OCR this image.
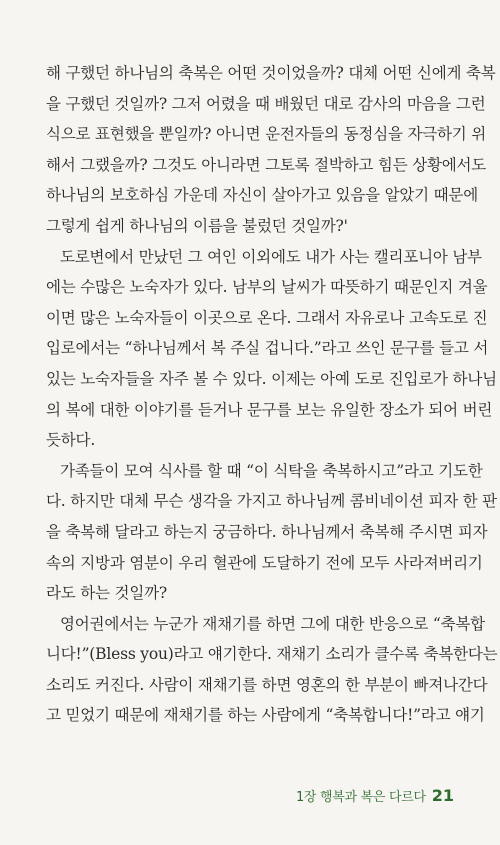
해 구했던 하나님의 축복은 어떤 것이었을까? 대체 어떤 신에게 축복
을 구했던 것일까? 그저 어렸을 때 배웠던 대로 감사의 마음을 그런
식으로 표현했을 뿐일까? 아니면 운전자들의 동정심을 자극하기 위
해서 그랬을까? 그것도 아니라면 그토록 절박하고 힘든 상황에서도
하나님의 보호하심 가운데 자신이 살아가고 있음을 알았기 때문에
그렇게 쉽게 하나님의 이름을 불렀던 것일까?'
도로변에서 만났던 그 여인 이외에도 내가 사는 캘리포니아 남부
에는 수많은 노숙자가 있다. 남부의 날씨가 따뜻하기 때문인지 겨울
이면 많은 노숙자들이 이곳으로 온다. 그래서 자유로나 고속도로 진
입로에서는 “하나님께서 복 주실 겁니다.”라고 쓰인 문구를 들고 서
있는 노숙자들을 자주 볼 수 있다. 이제는 아예 도로 진입로가 하나님
의 복에 대한 이야기를 듣거나 문구를 보는 유일한 장소가 되어 버린
듯하다.
가족들이 모여 식사를 할 때 “이 식탁을 축복하시고”라고 기도한
다. 하지만 대체 무슨 생각을 가지고 하나님께 콤비네이션 피자 한 판
을 축복해 달라고 하는지 궁금하다. 하나님께서 축복해 주시면 피자
속의 지방과 염분이 우리 혈관에 도달하기 전에 모두 사라져버리기
라도 하는 것일까?
영어권에서는 누군가 재채기를 하면 그에 대한 반응으로 “축복합
니다!”(Bless you)라고 얘기한다. 재채기 소리가 클수록 축복한다는
소리도 커진다. 사람이 재채기를 하면 영혼의 한 부분이 빠져나간다
고 믿었기 때문에 재채기를 하는 사람에게 “축복합니다!”라고 얘기
1장 행복과 복은 다르다 21
